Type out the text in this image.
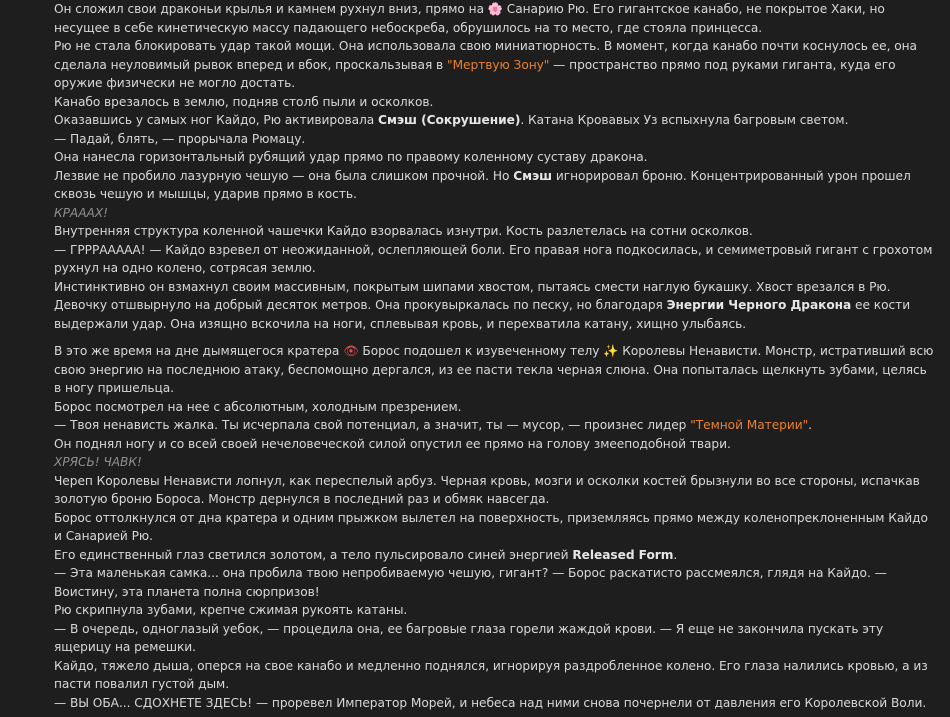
Он сложил свои драконьи крылья и камнем рухнул вниз, прямо на 🌸 Санарию Рю. Его гигантское канабо, не покрытое Хаки, но несущее в себе кинетическую массу падающего небоскреба, обрушилось на то место, где стояла принцесса.

Рю не стала блокировать удар такой мощи. Она использовала свою миниатюрность. В момент, когда канабо почти коснулось ее, она сделала неуловимый рывок вперед и вбок, проскальзывая в "Мертвую Зону" — пространство прямо под руками гиганта, куда его оружие физически не могло достать.

Канабо врезалось в землю, подняв столб пыли и осколков.

Оказавшись у самых ног Кайдо, Рю активировала Смэш (Сокрушение). Катана Кровавых Уз вспыхнула багровым светом.

— Падай, блять, — прорычала Рюмацу.

Она нанесла горизонтальный рубящий удар прямо по правому коленному суставу дракона.

Лезвие не пробило лазурную чешую — она была слишком прочной. Но Смэш игнорировал броню. Концентрированный урон прошел сквозь чешую и мышцы, ударив прямо в кость.

КРАААХ!

Внутренняя структура коленной чашечки Кайдо взорвалась изнутри. Кость разлетелась на сотни осколков.

— ГРРРААААА! — Кайдо взревел от неожиданной, ослепляющей боли. Его правая нога подкосилась, и семиметровый гигант с грохотом рухнул на одно колено, сотрясая землю.

Инстинктивно он взмахнул своим массивным, покрытым шипами хвостом, пытаясь смести наглую букашку. Хвост врезался в Рю.

Девочку отшвырнуло на добрый десяток метров. Она прокувыркалась по песку, но благодаря Энергии Черного Дракона ее кости выдержали удар. Она изящно вскочила на ноги, сплевывая кровь, и перехватила катану, хищно улыбаясь.

В это же время на дне дымящегося кратера 👁 Борос подошел к изувеченному телу ✨ Королевы Ненависти. Монстр, истративший всю свою энергию на последнюю атаку, беспомощно дергался, из ее пасти текла черная слюна. Она попыталась щелкнуть зубами, целясь в ногу пришельца.

Борос посмотрел на нее с абсолютным, холодным презрением.

— Твоя ненависть жалка. Ты исчерпала свой потенциал, а значит, ты — мусор, — произнес лидер "Темной Материи".

Он поднял ногу и со всей своей нечеловеческой силой опустил ее прямо на голову змееподобной твари.

ХРЯСЬ! ЧАВК!

Череп Королевы Ненависти лопнул, как переспелый арбуз. Черная кровь, мозги и осколки костей брызнули во все стороны, испачкав золотую броню Бороса. Монстр дернулся в последний раз и обмяк навсегда.

Борос оттолкнулся от дна кратера и одним прыжком вылетел на поверхность, приземляясь прямо между коленопреклоненным Кайдо и Санарией Рю.

Его единственный глаз светился золотом, а тело пульсировало синей энергией Released Form.

— Эта маленькая самка... она пробила твою непробиваемую чешую, гигант? — Борос раскатисто рассмеялся, глядя на Кайдо. — Воистину, эта планета полна сюрпризов!

Рю скрипнула зубами, крепче сжимая рукоять катаны.

— В очередь, одноглазый уебок, — процедила она, ее багровые глаза горели жаждой крови. — Я еще не закончила пускать эту ящерицу на ремешки.

Кайдо, тяжело дыша, оперся на свое канабо и медленно поднялся, игнорируя раздробленное колено. Его глаза налились кровью, а из пасти повалил густой дым.

— ВЫ ОБА... СДОХНЕТЕ ЗДЕСЬ! — проревел Император Морей, и небеса над ними снова почернели от давления его Королевской Воли.
